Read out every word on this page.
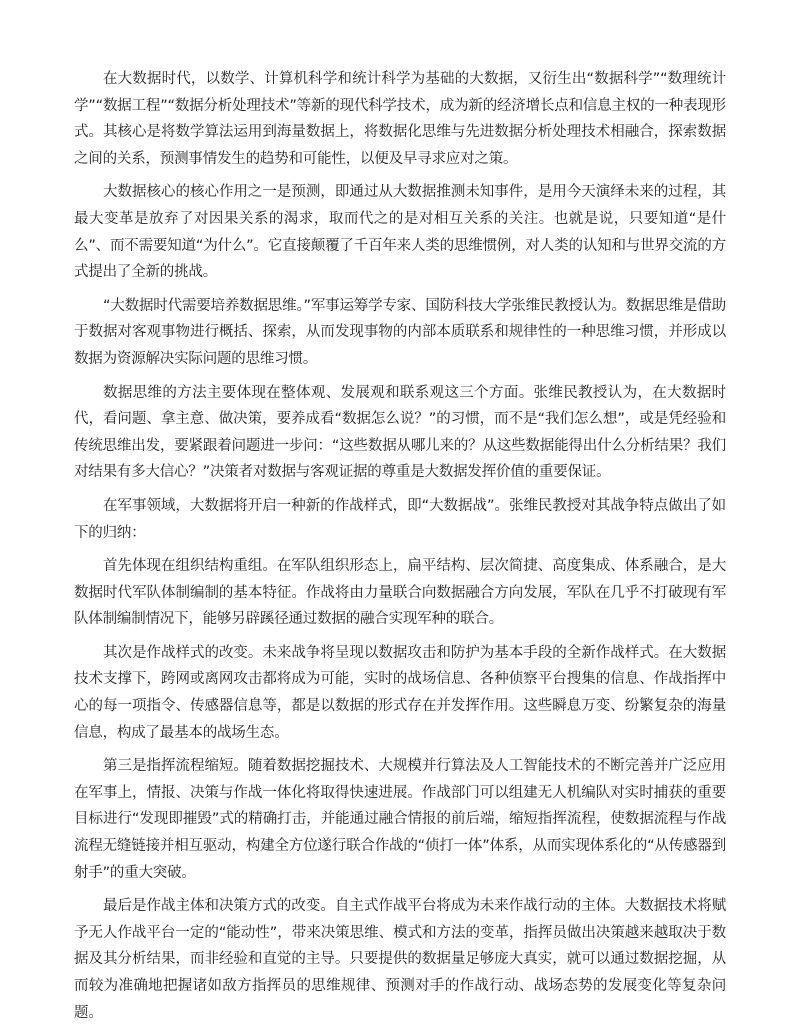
在大数据时代，以数学、计算机科学和统计科学为基础的大数据，又衍生出“数据科学”“数理统计学”“数据工程”“数据分析处理技术”等新的现代科学技术，成为新的经济增长点和信息主权的一种表现形式。其核心是将数学算法运用到海量数据上，将数据化思维与先进数据分析处理技术相融合，探索数据之间的关系，预测事情发生的趋势和可能性，以便及早寻求应对之策。

大数据核心的核心作用之一是预测，即通过从大数据推测未知事件，是用今天演绎未来的过程，其最大变革是放弃了对因果关系的渴求，取而代之的是对相互关系的关注。也就是说，只要知道“是什么”、而不需要知道“为什么”。它直接颠覆了千百年来人类的思维惯例，对人类的认知和与世界交流的方式提出了全新的挑战。

“大数据时代需要培养数据思维。”军事运筹学专家、国防科技大学张维民教授认为。数据思维是借助于数据对客观事物进行概括、探索，从而发现事物的内部本质联系和规律性的一种思维习惯，并形成以数据为资源解决实际问题的思维习惯。

数据思维的方法主要体现在整体观、发展观和联系观这三个方面。张维民教授认为，在大数据时代，看问题、拿主意、做决策，要养成看“数据怎么说？”的习惯，而不是“我们怎么想”，或是凭经验和传统思维出发，要紧跟着问题进一步问：“这些数据从哪儿来的？从这些数据能得出什么分析结果？我们对结果有多大信心？”决策者对数据与客观证据的尊重是大数据发挥价值的重要保证。

在军事领域，大数据将开启一种新的作战样式，即“大数据战”。张维民教授对其战争特点做出了如下的归纳：

首先体现在组织结构重组。在军队组织形态上，扁平结构、层次简捷、高度集成、体系融合，是大数据时代军队体制编制的基本特征。作战将由力量联合向数据融合方向发展，军队在几乎不打破现有军队体制编制情况下，能够另辟蹊径通过数据的融合实现军种的联合。

其次是作战样式的改变。未来战争将呈现以数据攻击和防护为基本手段的全新作战样式。在大数据技术支撑下，跨网或离网攻击都将成为可能，实时的战场信息、各种侦察平台搜集的信息、作战指挥中心的每一项指令、传感器信息等，都是以数据的形式存在并发挥作用。这些瞬息万变、纷繁复杂的海量信息，构成了最基本的战场生态。

第三是指挥流程缩短。随着数据挖掘技术、大规模并行算法及人工智能技术的不断完善并广泛应用在军事上，情报、决策与作战一体化将取得快速进展。作战部门可以组建无人机编队对实时捕获的重要目标进行“发现即摧毁”式的精确打击，并能通过融合情报的前后端，缩短指挥流程，使数据流程与作战流程无缝链接并相互驱动，构建全方位遂行联合作战的“侦打一体”体系，从而实现体系化的“从传感器到射手”的重大突破。

最后是作战主体和决策方式的改变。自主式作战平台将成为未来作战行动的主体。大数据技术将赋予无人作战平台一定的“能动性”，带来决策思维、模式和方法的变革，指挥员做出决策越来越取决于数据及其分析结果，而非经验和直觉的主导。只要提供的数据量足够庞大真实，就可以通过数据挖掘，从而较为准确地把握诸如敌方指挥员的思维规律、预测对手的作战行动、战场态势的发展变化等复杂问题。
